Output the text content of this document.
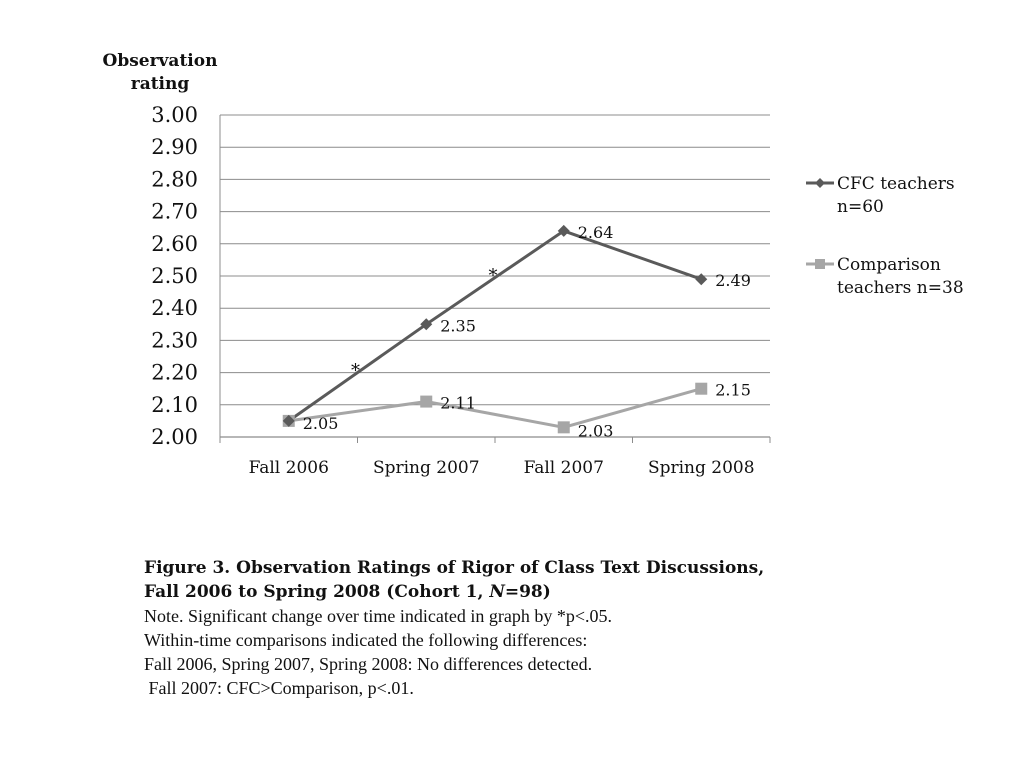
Observation
rating
3.00
2.90
2.80
2.70
2.60
2.50
2.40
2.30
2.20
2.10
2.00
Fall 2006	Spring 2007	Fall 2007	Spring 2008
2.05
2.35
2.64
2.49
2.11
2.03
2.15
*
*
CFC teachers
n=60
Comparison
teachers n=38
Figure 3. Observation Ratings of Rigor of Class Text Discussions,
Fall 2006 to Spring 2008 (Cohort 1, N=98)
Note. Significant change over time indicated in graph by *p<.05.
Within-time comparisons indicated the following differences:
Fall 2006, Spring 2007, Spring 2008: No differences detected.
Fall 2007: CFC>Comparison, p<.01.
